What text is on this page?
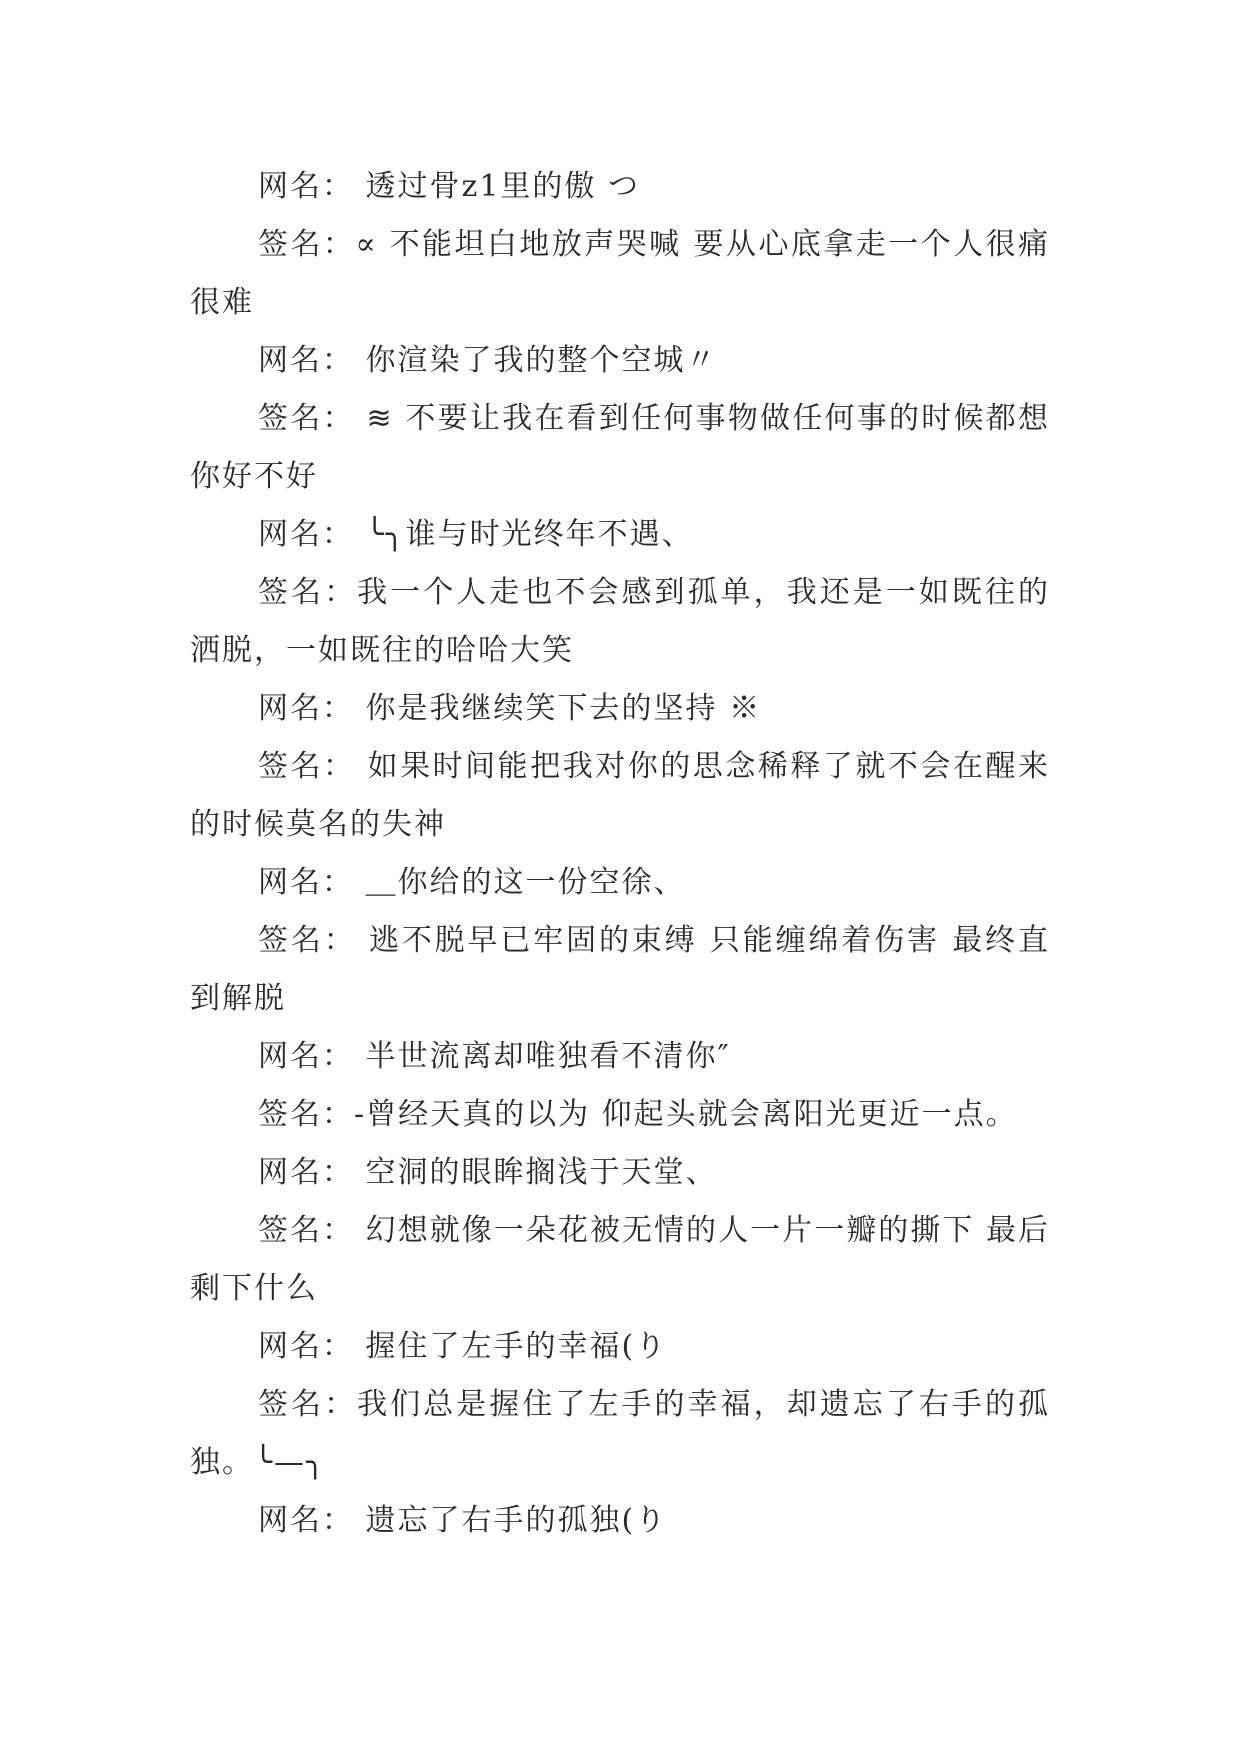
网名： 透过骨z1里的傲 つ

签名：∝ 不能坦白地放声哭喊 要从心底拿走一个人很痛很难

网名： 你渲染了我的整个空城〃

签名： ≋ 不要让我在看到任何事物做任何事的时候都想你好不好

网名： ╰╮谁与时光终年不遇、

签名：我一个人走也不会感到孤单，我还是一如既往的洒脱，一如既往的哈哈大笑

网名： 你是我继续笑下去的坚持 ※

签名： 如果时间能把我对你的思念稀释了就不会在醒来的时候莫名的失神

网名： ＿你给的这一份空徐、

签名： 逃不脱早已牢固的束缚 只能缠绵着伤害 最终直到解脱

网名： 半世流离却唯独看不清你″

签名：-曾经天真的以为 仰起头就会离阳光更近一点。

网名： 空洞的眼眸搁浅于天堂、

签名： 幻想就像一朵花被无情的人一片一瓣的撕下 最后剩下什么

网名： 握住了左手的幸福(り

签名：我们总是握住了左手的幸福，却遗忘了右手的孤独。╰—╮

网名： 遗忘了右手的孤独(り
